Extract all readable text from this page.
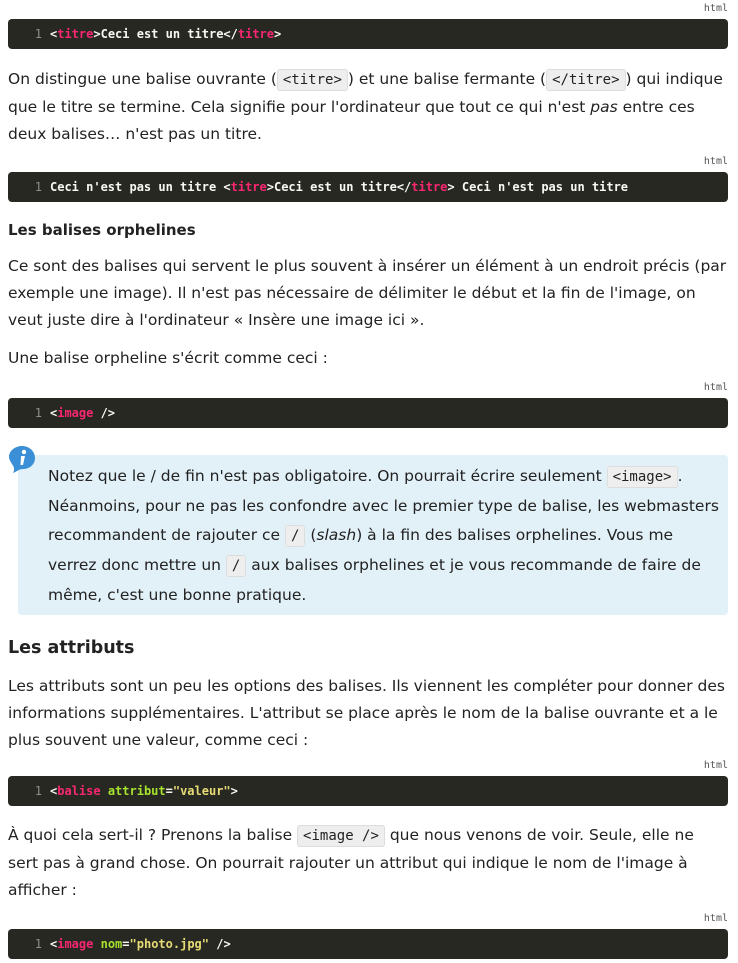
html
1 <titre>Ceci est un titre</titre>

On distingue une balise ouvrante ( <titre> ) et une balise fermante ( </titre> ) qui indique que le titre se termine. Cela signifie pour l'ordinateur que tout ce qui n'est pas entre ces deux balises… n'est pas un titre.

html
1 Ceci n'est pas un titre <titre>Ceci est un titre</titre> Ceci n'est pas un titre
Les balises orphelines

Ce sont des balises qui servent le plus souvent à insérer un élément à un endroit précis (par exemple une image). Il n'est pas nécessaire de délimiter le début et la fin de l'image, on veut juste dire à l'ordinateur « Insère une image ici ».

Une balise orpheline s'écrit comme ceci :

html
1 <image />
Notez que le / de fin n'est pas obligatoire. On pourrait écrire seulement <image> . Néanmoins, pour ne pas les confondre avec le premier type de balise, les webmasters recommandent de rajouter ce / (slash) à la fin des balises orphelines. Vous me verrez donc mettre un / aux balises orphelines et je vous recommande de faire de même, c'est une bonne pratique.
Les attributs

Les attributs sont un peu les options des balises. Ils viennent les compléter pour donner des informations supplémentaires. L'attribut se place après le nom de la balise ouvrante et a le plus souvent une valeur, comme ceci :

html
1 <balise attribut="valeur">

À quoi cela sert-il ? Prenons la balise <image /> que nous venons de voir. Seule, elle ne sert pas à grand chose. On pourrait rajouter un attribut qui indique le nom de l'image à afficher :

html
1 <image nom="photo.jpg" />
